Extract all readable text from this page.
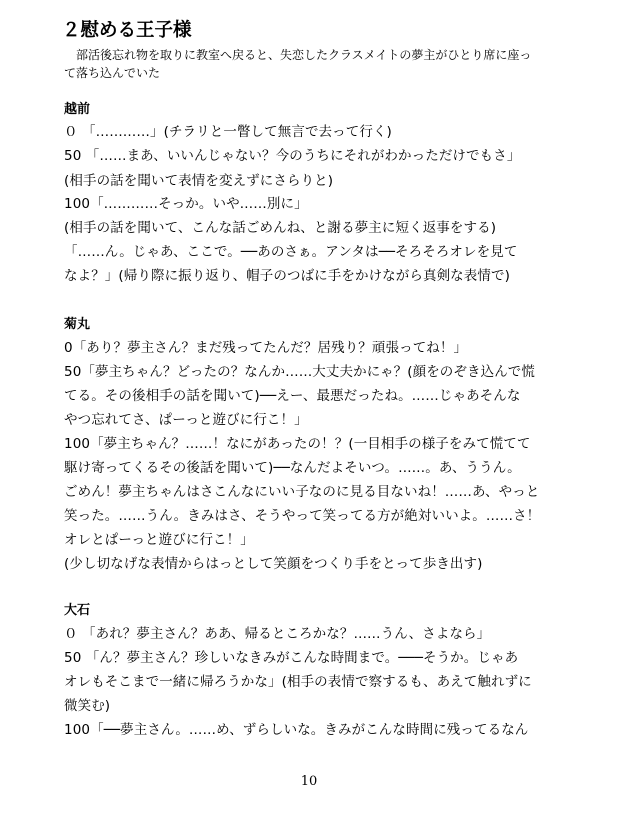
２慰める王子様
部活後忘れ物を取りに教室へ戻ると、失恋したクラスメイトの夢主がひとり席に座っ
て落ち込んでいた
越前
０ 「…………」(チラリと一瞥して無言で去って行く)
50 「……まあ、いいんじゃない？今のうちにそれがわかっただけでもさ」
(相手の話を聞いて表情を変えずにさらりと)
100「…………そっか。いや……別に」
(相手の話を聞いて、こんな話ごめんね、と謝る夢主に短く返事をする)
「……ん。じゃあ、ここで。──あのさぁ。アンタは──そろそろオレを見て
なよ？」(帰り際に振り返り、帽子のつばに手をかけながら真剣な表情で)
菊丸
0「あり？夢主さん？まだ残ってたんだ？居残り？頑張ってね！」
50「夢主ちゃん？どったの？なんか……大丈夫かにゃ？(顔をのぞき込んで慌
てる。その後相手の話を聞いて)──えー、最悪だったね。……じゃあそんな
やつ忘れてさ、ぱーっと遊びに行こ！」
100「夢主ちゃん？……！なにがあったの！？(一目相手の様子をみて慌てて
駆け寄ってくるその後話を聞いて)──なんだよそいつ。……。あ、ううん。
ごめん！夢主ちゃんはさこんなにいい子なのに見る目ないね！……あ、やっと
笑った。……うん。きみはさ、そうやって笑ってる方が絶対いいよ。……さ！
オレとぱーっと遊びに行こ！」
(少し切なげな表情からはっとして笑顔をつくり手をとって歩き出す)
大石
０ 「あれ？夢主さん？ああ、帰るところかな？……うん、さよなら」
50 「ん？夢主さん？珍しいなきみがこんな時間まで。───そうか。じゃあ
オレもそこまで一緒に帰ろうかな」(相手の表情で察するも、あえて触れずに
微笑む)
100「──夢主さん。……め、ずらしいな。きみがこんな時間に残ってるなん
10
